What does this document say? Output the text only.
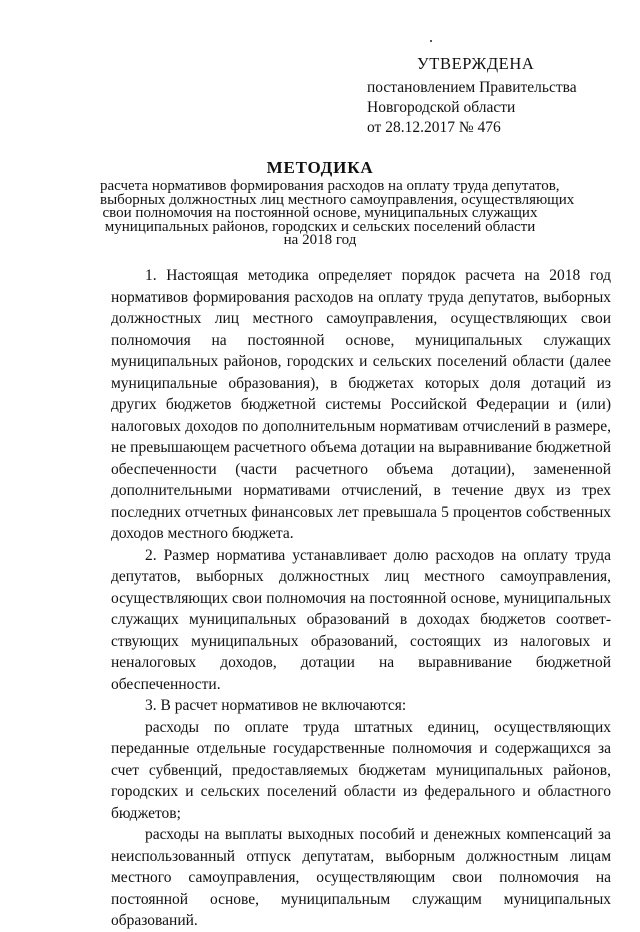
УТВЕРЖДЕНА
постановлением Правительства
Новгородской области
от 28.12.2017 № 476
МЕТОДИКА
расчета нормативов формирования расходов на оплату труда депутатов,
выборных должностных лиц местного самоуправления, осуществляющих
свои полномочия на постоянной основе, муниципальных служащих
муниципальных районов, городских и сельских поселений области
на 2018 год

1. Настоящая методика определяет порядок расчета на 2018 год нормативов формирования расходов на оплату труда депутатов, выборных должностных лиц местного самоуправления, осуществляющих свои полномочия на постоянной основе, муниципальных служащих муниципальных районов, городских и сельских поселений области (далее муниципальные образования), в бюджетах которых доля дотаций из других бюджетов бюджетной системы Российской Федерации и (или) налоговых доходов по дополнительным нормативам отчислений в размере, не превышающем расчетного объема дотации на выравнивание бюджетной обеспеченности (части расчетного объема дотации), замененной дополнительными нормативами отчислений, в течение двух из трех последних отчетных финансовых лет превышала 5 процентов собственных доходов местного бюджета.

2. Размер норматива устанавливает долю расходов на оплату труда депутатов, выборных должностных лиц местного самоуправления, осуществляющих свои полномочия на постоянной основе, муниципальных служащих муниципальных образований в доходах бюджетов соответ-ствующих муниципальных образований, состоящих из налоговых и неналоговых доходов, дотации на выравнивание бюджетной обеспеченности.

3. В расчет нормативов не включаются:

расходы по оплате труда штатных единиц, осуществляющих переданные отдельные государственные полномочия и содержащихся за счет субвенций, предоставляемых бюджетам муниципальных районов, городских и сельских поселений области из федерального и областного бюджетов;

расходы на выплаты выходных пособий и денежных компенсаций за неиспользованный отпуск депутатам, выборным должностным лицам местного самоуправления, осуществляющим свои полномочия на постоянной основе, муниципальным служащим муниципальных образований.
